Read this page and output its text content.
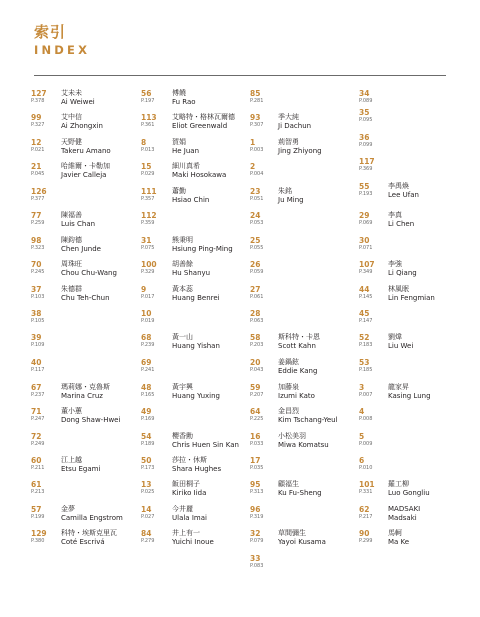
索引
INDEX
127
P.378
艾未未
Ai Weiwei
99
P.327
艾中信
Ai Zhongxin
12
P.021
天野健
Takeru Amano
21
P.045
哈維爾・卡勒加
Javier Calleja
126
P.377
77
P.259
陳福善
Luis Chan
98
P.323
陳鈞德
Chen Junde
70
P.245
周珠旺
Chou Chu-Wang
37
P.103
朱德群
Chu Teh-Chun
38
P.105
39
P.109
40
P.117
67
P.237
瑪莉娜・克魯斯
Marina Cruz
71
P.247
董小蕙
Dong Shaw-Hwei
72
P.249
60
P.211
江上越
Etsu Egami
61
P.213
57
P.199
金夢
Camilla Engstrom
129
P.380
科特・埃斯克里瓦
Coté Escrivá
56
P.197
傅饒
Fu Rao
113
P.361
艾略特・格林瓦爾德
Eliot Greenwald
8
P.013
賀娟
He Juan
15
P.029
細川真希
Maki Hosokawa
111
P.357
蕭勤
Hsiao Chin
112
P.359
31
P.075
熊秉明
Hsiung Ping-Ming
100
P.329
胡善餘
Hu Shanyu
9
P.017
黃本蕊
Huang Benrei
10
P.019
68
P.239
黃一山
Huang Yishan
69
P.241
48
P.165
黃宇興
Huang Yuxing
49
P.169
54
P.189
櫻香勳
Chris Huen Sin Kan
50
P.173
莎拉・休斯
Shara Hughes
13
P.025
飯田桐子
Kiriko Iida
14
P.027
今井麗
Ulala Imai
84
P.279
井上有一
Yuichi Inoue
85
P.281
93
P.307
季大純
Ji Dachun
1
P.003
荊智勇
Jing Zhiyong
2
P.004
23
P.051
朱銘
Ju Ming
24
P.053
25
P.055
26
P.059
27
P.061
28
P.063
58
P.203
斯科特・卡恩
Scott Kahn
20
P.043
姜鍋鉉
Eddie Kang
59
P.207
加藤泉
Izumi Kato
64
P.225
金昌烈
Kim Tschang-Yeul
16
P.033
小松美羽
Miwa Komatsu
17
P.035
95
P.313
顧福生
Ku Fu-Sheng
96
P.319
32
P.079
草間彌生
Yayoi Kusama
33
P.083
34
P.089
35
P.095
36
P.099
117
P.369
55
P.193
李禹煥
Lee Ufan
29
P.069
李真
Li Chen
30
P.071
107
P.349
李強
Li Qiang
44
P.145
林風眠
Lin Fengmian
45
P.147
52
P.183
劉煒
Liu Wei
53
P.185
3
P.007
龍家昇
Kasing Lung
4
P.008
5
P.009
6
P.010
101
P.331
羅工柳
Luo Gongliu
62
P.217
MADSAKI
Madsaki
90
P.299
馬軻
Ma Ke
